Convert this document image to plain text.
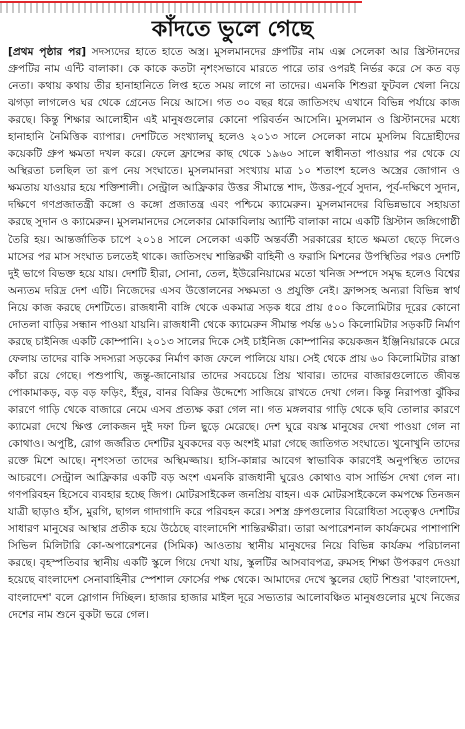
কাঁদতে ভুলে গেছে
[প্রথম পৃষ্ঠার পর] সদস্যদের হাতে হাতে অস্ত্র। মুসলমানদের গ্রুপটির নাম এক্স সেলেকা আর খ্রিস্টানদের গ্রুপটির নাম এন্টি বালাকা। কে কাকে কতটা নৃশংসভাবে মারতে পারে তার ওপরই নির্ভর করে সে কত বড় নেতা। কথায় কথায় তীর হানাহানিতে লিপ্ত হতে সময় লাগে না তাদের। এমনকি শিশুরা ফুটবল খেলা নিয়ে ঝগড়া লাগলেও ঘর থেকে গ্রেনেড নিয়ে আসে। গত ৩০ বছর ধরে জাতিসংঘ এখানে বিভিন্ন পর্যায়ে কাজ করছে। কিন্তু শিক্ষার আলোহীন এই মানুষগুলোর কোনো পরিবর্তন আসেনি। মুসলমান ও খ্রিস্টানদের মধ্যে হানাহানি নৈমিত্তিক ব্যাপার। দেশটিতে সংখ্যালঘু হলেও ২০১৩ সালে সেলেকা নামে মুসলিম বিদ্রোহীদের কয়েকটি গ্রুপ ক্ষমতা দখল করে। ফেলে ফ্রান্সের কাছ থেকে ১৯৬০ সালে স্বাধীনতা পাওয়ার পর থেকে যে অস্থিরতা চলছিল তা রূপ নেয় সংঘাতে। মুসলমানরা সংখ্যায় মাত্র ১০ শতাংশ হলেও অস্ত্রের জোগান ও ক্ষমতায় যাওয়ার হয়ে শক্তিশালী। সেন্ট্রাল আফ্রিকার উত্তর সীমান্তে শাদ, উত্তর-পূর্বে সুদান, পূর্ব-দক্ষিণে সুদান, দক্ষিণে গণপ্রজাতন্ত্রী কঙ্গো ও কঙ্গো প্রজাতন্ত্র এবং পশ্চিমে ক্যামেরুন। মুসলমানদের বিভিন্নভাবে সহায়তা করছে সুদান ও ক্যামেরুন। মুসলমানদের সেলেকার মোকাবিলায় অ্যান্টি বালাকা নামে একটি খ্রিস্টান জঙ্গিগোষ্ঠী তৈরি হয়। আন্তর্জাতিক চাপে ২০১৪ সালে সেলেকা একটি অন্তর্বর্তী সরকারের হাতে ক্ষমতা ছেড়ে দিলেও মাসের পর মাস সংঘাত চলতেই থাকে। জাতিসংঘ শান্তিরক্ষী বাহিনী ও ফরাসি মিশনের উপস্থিতির পরও দেশটি দুই ভাগে বিভক্ত হয়ে যায়। দেশটি হীরা, সোনা, তেল, ইউরেনিয়ামের মতো খনিজ সম্পদে সমৃদ্ধ হলেও বিশ্বের অন্যতম দরিদ্র দেশ এটি। নিজেদের এসব উত্তোলনের সক্ষমতা ও প্রযুক্তি নেই। ফ্রান্সসহ অন্যরা বিভিন্ন স্বার্থ নিয়ে কাজ করছে দেশটিতে। রাজধানী বাঙ্গি থেকে একমাত্র সড়ক ধরে প্রায় ৫০০ কিলোমিটার দূরের কোনো দোতলা বাড়ির সন্ধান পাওয়া যায়নি। রাজধানী থেকে ক্যামেরুন সীমান্ত পর্যন্ত ৬১০ কিলোমিটার সড়কটি নির্মাণ করছে চাইনিজ একটি কোম্পানি। ২০১৩ সালের দিকে সেই চাইনিজ কোম্পানির কয়েকজন ইঞ্জিনিয়ারকে মেরে ফেলায় তাদের বাকি সদস্যরা সড়কের নির্মাণ কাজ ফেলে পালিয়ে যায়। সেই থেকে প্রায় ৬০ কিলোমিটার রাস্তা কাঁচা রয়ে গেছে। পশুপাখি, জন্তু-জানোয়ার তাদের সবচেয়ে প্রিয় খাবার। তাদের বাজারগুলোতে জীবন্ত পোকামাকড়, বড় বড় ফড়িং, ইঁদুর, বানর বিক্রির উদ্দেশ্যে সাজিয়ে রাখতে দেখা গেল। কিন্তু নিরাপত্তা ঝুঁকির কারণে গাড়ি থেকে বাজারে নেমে এসব প্রত্যক্ষ করা গেল না। গত মঙ্গলবার গাড়ি থেকে ছবি তোলার কারণে ক্যামেরা দেখে ক্ষিপ্ত লোকজন দুই দফা ঢিল ছুড়ে মেরেছে। দেশ ঘুরে বয়স্ক মানুষের দেখা পাওয়া গেল না কোথাও। অপুষ্টি, রোগ জর্জরিত দেশটির যুবকদের বড় অংশই মারা গেছে জাতিগত সংঘাতে। খুনোখুনি তাদের রক্তে মিশে আছে। নৃশংসতা তাদের অস্থিমজ্জায়। হাসি-কান্নার আবেগ স্বাভাবিক কারণেই অনুপস্থিত তাদের আচরণে। সেন্ট্রাল আফ্রিকার একটি বড় অংশ এমনকি রাজধানী ঘুরেও কোথাও বাস সার্ভিস দেখা গেল না। গণপরিবহন হিসেবে ব্যবহার হচ্ছে জিপ। মোটরসাইকেল জনপ্রিয় বাহন। এক মোটরসাইকেলে কমপক্ষে তিনজন যাত্রী ছাড়াও হাঁস, মুরগি, ছাগল গাদাগাদি করে পরিবহন করে। সশস্ত্র গ্রুপগুলোর বিরোধিতা সত্ত্বেও দেশটির সাধারণ মানুষের আস্থার প্রতীক হয়ে উঠেছে বাংলাদেশি শান্তিরক্ষীরা। তারা অপারেশনাল কার্যক্রমের পাশাপাশি সিভিল মিলিটারি কো-অপারেশনের (সিমিক) আওতায় স্থানীয় মানুষদের নিয়ে বিভিন্ন কার্যক্রম পরিচালনা করছে। বৃহস্পতিবার স্থানীয় একটি স্কুলে গিয়ে দেখা যায়, স্কুলটির আসবাবপত্র, রুমসহ শিক্ষা উপকরণ দেওয়া হয়েছে বাংলাদেশ সেনাবাহিনীর স্পেশাল ফোর্সের পক্ষ থেকে। আমাদের দেখে স্কুলের ছোট শিশুরা 'বাংলাদেশ, বাংলাদেশ' বলে স্লোগান দিচ্ছিল। হাজার হাজার মাইল দূরে সভ্যতার আলোবঞ্চিত মানুষগুলোর মুখে নিজের দেশের নাম শুনে বুকটা ভরে গেল।
